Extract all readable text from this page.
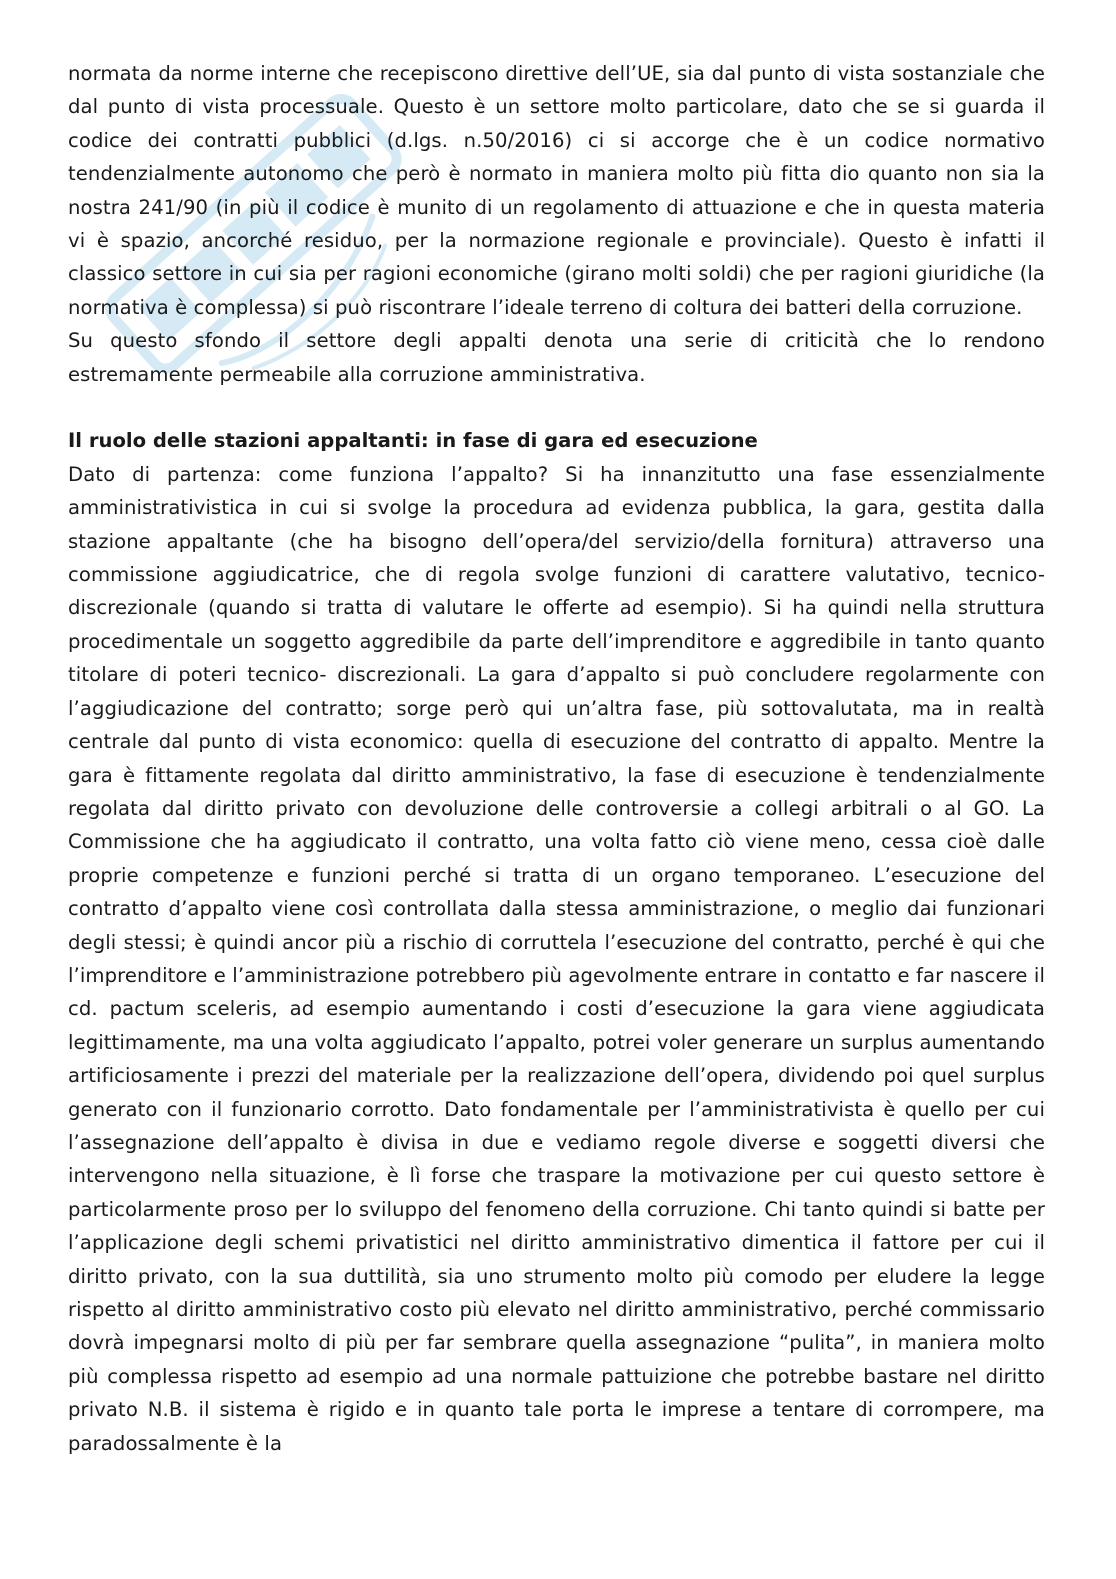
normata da norme interne che recepiscono direttive dell’UE, sia dal punto di vista sostanziale che dal punto di vista processuale. Questo è un settore molto particolare, dato che se si guarda il codice dei contratti pubblici (d.lgs. n.50/2016) ci si accorge che è un codice normativo tendenzialmente autonomo che però è normato in maniera molto più fitta dio quanto non sia la nostra 241/90 (in più il codice è munito di un regolamento di attuazione e che in questa materia vi è spazio, ancorché residuo, per la normazione regionale e provinciale). Questo è infatti il classico settore in cui sia per ragioni economiche (girano molti soldi) che per ragioni giuridiche (la normativa è complessa) si può riscontrare l’ideale terreno di coltura dei batteri della corruzione.

Su questo sfondo il settore degli appalti denota una serie di criticità che lo rendono estremamente permeabile alla corruzione amministrativa.

Il ruolo delle stazioni appaltanti: in fase di gara ed esecuzione

Dato di partenza: come funziona l’appalto? Si ha innanzitutto una fase essenzialmente amministrativistica in cui si svolge la procedura ad evidenza pubblica, la gara, gestita dalla stazione appaltante (che ha bisogno dell’opera/del servizio/della fornitura) attraverso una commissione aggiudicatrice, che di regola svolge funzioni di carattere valutativo, tecnico-discrezionale (quando si tratta di valutare le offerte ad esempio). Si ha quindi nella struttura procedimentale un soggetto aggredibile da parte dell’imprenditore e aggredibile in tanto quanto titolare di poteri tecnico- discrezionali. La gara d’appalto si può concludere regolarmente con l’aggiudicazione del contratto; sorge però qui un’altra fase, più sottovalutata, ma in realtà centrale dal punto di vista economico: quella di esecuzione del contratto di appalto. Mentre la gara è fittamente regolata dal diritto amministrativo, la fase di esecuzione è tendenzialmente regolata dal diritto privato con devoluzione delle controversie a collegi arbitrali o al GO. La Commissione che ha aggiudicato il contratto, una volta fatto ciò viene meno, cessa cioè dalle proprie competenze e funzioni perché si tratta di un organo temporaneo. L’esecuzione del contratto d’appalto viene così controllata dalla stessa amministrazione, o meglio dai funzionari degli stessi; è quindi ancor più a rischio di corruttela l’esecuzione del contratto, perché è qui che l’imprenditore e l’amministrazione potrebbero più agevolmente entrare in contatto e far nascere il cd. pactum sceleris, ad esempio aumentando i costi d’esecuzione la gara viene aggiudicata legittimamente, ma una volta aggiudicato l’appalto, potrei voler generare un surplus aumentando artificiosamente i prezzi del materiale per la realizzazione dell’opera, dividendo poi quel surplus generato con il funzionario corrotto. Dato fondamentale per l’amministrativista è quello per cui l’assegnazione dell’appalto è divisa in due e vediamo regole diverse e soggetti diversi che intervengono nella situazione, è lì forse che traspare la motivazione per cui questo settore è particolarmente proso per lo sviluppo del fenomeno della corruzione. Chi tanto quindi si batte per l’applicazione degli schemi privatistici nel diritto amministrativo dimentica il fattore per cui il diritto privato, con la sua duttilità, sia uno strumento molto più comodo per eludere la legge rispetto al diritto amministrativo costo più elevato nel diritto amministrativo, perché commissario dovrà impegnarsi molto di più per far sembrare quella assegnazione “pulita”, in maniera molto più complessa rispetto ad esempio ad una normale pattuizione che potrebbe bastare nel diritto privato N.B. il sistema è rigido e in quanto tale porta le imprese a tentare di corrompere, ma paradossalmente è la
